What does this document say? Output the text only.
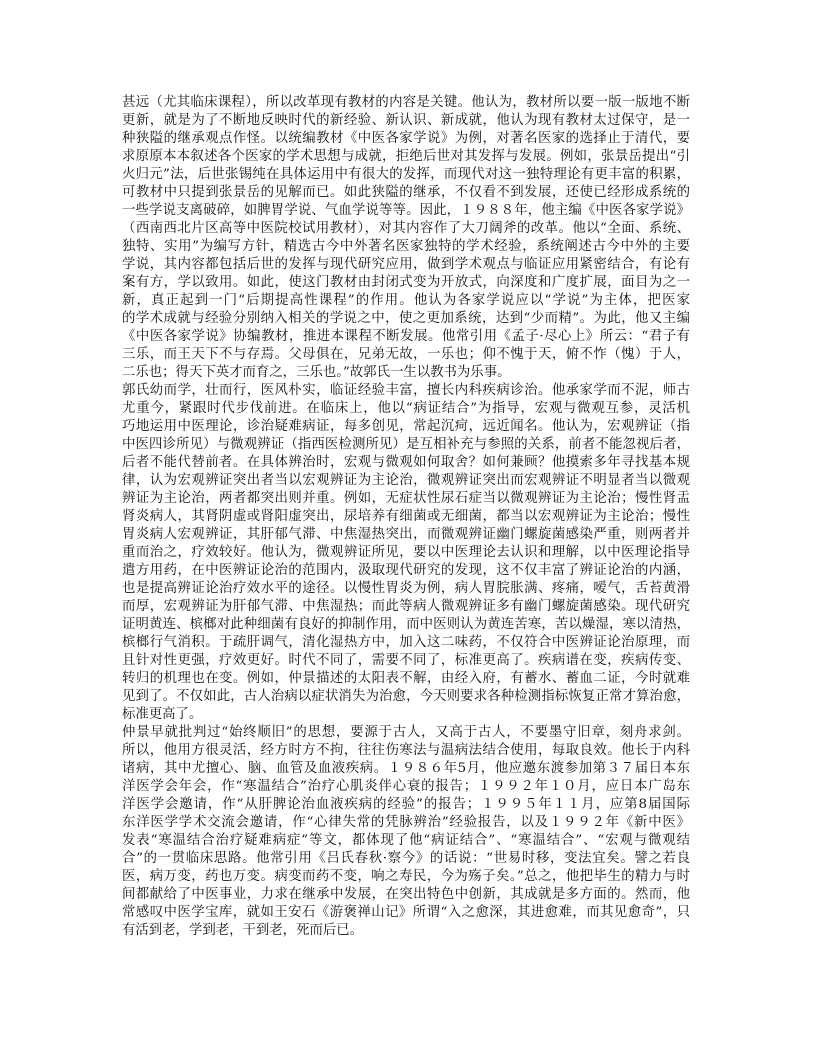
甚远（尤其临床课程），所以改革现有教材的内容是关键。他认为，教材所以要一版一版地不断
更新，就是为了不断地反映时代的新经验、新认识、新成就，他认为现有教材太过保守，是一
种狭隘的继承观点作怪。以统编教材《中医各家学说》为例，对著名医家的选择止于清代，要
求原原本本叙述各个医家的学术思想与成就，拒绝后世对其发挥与发展。例如，张景岳提出“引
火归元”法，后世张锡纯在具体运用中有很大的发挥，而现代对这一独特理论有更丰富的积累，
可教材中只提到张景岳的见解而已。如此狭隘的继承，不仅看不到发展，还使已经形成系统的
一些学说支离破碎，如脾胃学说、气血学说等等。因此，１９８８年，他主编《中医各家学说》
（西南西北片区高等中医院校试用教材），对其内容作了大刀阔斧的改革。他以“全面、系统、
独特、实用”为编写方针，精选古今中外著名医家独特的学术经验，系统阐述古今中外的主要
学说，其内容都包括后世的发挥与现代研究应用，做到学术观点与临证应用紧密结合，有论有
案有方，学以致用。如此，使这门教材由封闭式变为开放式，向深度和广度扩展，面目为之一
新，真正起到一门“后期提高性课程”的作用。他认为各家学说应以“学说”为主体，把医家
的学术成就与经验分别纳入相关的学说之中，使之更加系统，达到“少而精”。为此，他又主编
《中医各家学说》协编教材，推进本课程不断发展。他常引用《孟子·尽心上》所云：“君子有
三乐，而王天下不与存焉。父母俱在，兄弟无故，一乐也；仰不愧于天，俯不怍（愧）于人，
二乐也；得天下英才而育之，三乐也。”故郭氏一生以教书为乐事。
郭氏幼而学，壮而行，医风朴实，临证经验丰富，擅长内科疾病诊治。他承家学而不泥，师古
尤重今，紧跟时代步伐前进。在临床上，他以“病证结合”为指导，宏观与微观互参，灵活机
巧地运用中医理论，诊治疑难病证，每多创见，常起沉疴，远近闻名。他认为，宏观辨证（指
中医四诊所见）与微观辨证（指西医检测所见）是互相补充与参照的关系，前者不能忽视后者，
后者不能代替前者。在具体辨治时，宏观与微观如何取舍？如何兼顾？他摸索多年寻找基本规
律，认为宏观辨证突出者当以宏观辨证为主论治，微观辨证突出而宏观辨证不明显者当以微观
辨证为主论治，两者都突出则并重。例如，无症状性尿石症当以微观辨证为主论治；慢性肾盂
肾炎病人，其肾阴虚或肾阳虚突出，尿培养有细菌或无细菌，都当以宏观辨证为主论治；慢性
胃炎病人宏观辨证，其肝郁气滞、中焦湿热突出，而微观辨证幽门螺旋菌感染严重，则两者并
重而治之，疗效较好。他认为，微观辨证所见，要以中医理论去认识和理解，以中医理论指导
遣方用药，在中医辨证论治的范围内，汲取现代研究的发现，这不仅丰富了辨证论治的内涵，
也是提高辨证论治疗效水平的途径。以慢性胃炎为例，病人胃脘胀满、疼痛，嗳气，舌苔黄滑
而厚，宏观辨证为肝郁气滞、中焦湿热；而此等病人微观辨证多有幽门螺旋菌感染。现代研究
证明黄连、槟榔对此种细菌有良好的抑制作用，而中医则认为黄连苦寒，苦以燥湿，寒以清热，
槟榔行气消积。于疏肝调气，清化湿热方中，加入这二味药，不仅符合中医辨证论治原理，而
且针对性更强，疗效更好。时代不同了，需要不同了，标准更高了。疾病谱在变，疾病传变、
转归的机理也在变。例如，仲景描述的太阳表不解，由经入府，有蓄水、蓄血二证，今时就难
见到了。不仅如此，古人治病以症状消失为治愈，今天则要求各种检测指标恢复正常才算治愈，
标准更高了。
仲景早就批判过“始终顺旧”的思想，要源于古人，又高于古人，不要墨守旧章，刻舟求剑。
所以，他用方很灵活，经方时方不拘，往往伤寒法与温病法结合使用，每取良效。他长于内科
诸病，其中尤擅心、脑、血管及血液疾病。１９８６年5月，他应邀东渡参加第３７届日本东
洋医学会年会，作“寒温结合”治疗心肌炎伴心衰的报告；１９９２年１０月，应日本广岛东
洋医学会邀请，作“从肝脾论治血液疾病的经验”的报告；１９９５年１１月，应第8届国际
东洋医学学术交流会邀请，作“心律失常的凭脉辨治”经验报告，以及１９９２年《新中医》
发表“寒温结合治疗疑难病症”等文，都体现了他“病证结合”、“寒温结合”、“宏观与微观结
合”的一贯临床思路。他常引用《吕氏春秋·察今》的话说：“世易时移，变法宜矣。譬之若良
医，病万变，药也万变。病变而药不变，响之寿民，今为殇子矣。”总之，他把毕生的精力与时
间都献给了中医事业，力求在继承中发展，在突出特色中创新，其成就是多方面的。然而，他
常感叹中医学宝库，就如王安石《游褒禅山记》所谓“入之愈深，其进愈难，而其见愈奇”，只
有活到老，学到老，干到老，死而后已。
